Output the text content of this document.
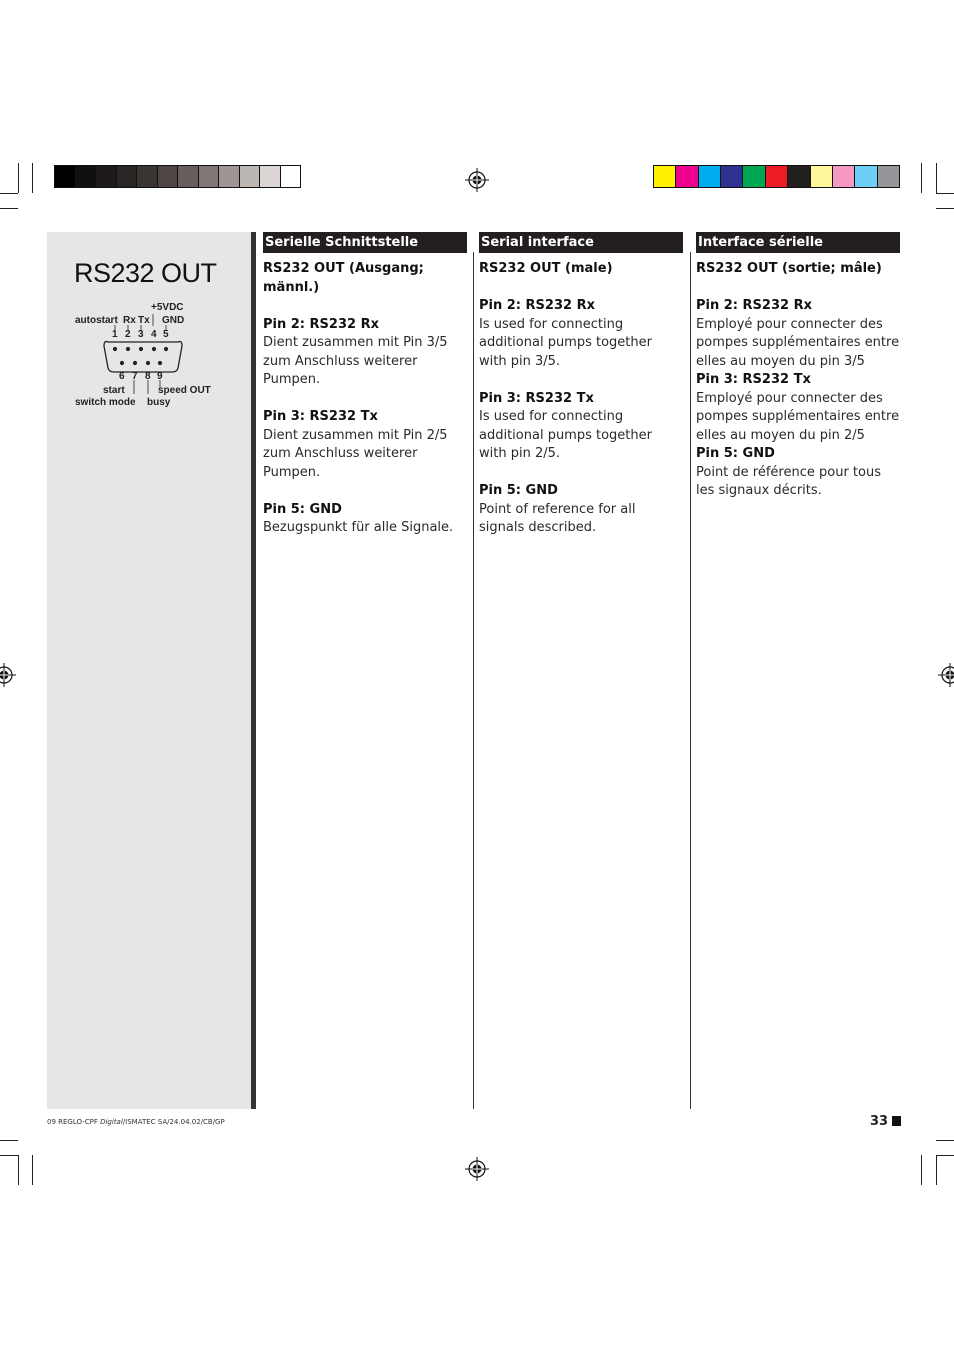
RS232 OUT
+5VDC
autostart Rx Tx GND
1 2 3 4 5
6 7 8 9
start	speed OUT
switch mode busy
Serielle Schnittstelle

RS232 OUT (Ausgang; männl.)

Pin 2: RS232 Rx

Dient zusammen mit Pin 3/5 zum Anschluss weiterer Pumpen.

Pin 3: RS232 Tx

Dient zusammen mit Pin 2/5 zum Anschluss weiterer Pumpen.

Pin 5: GND

Bezugspunkt für alle Signale.

Serial interface

RS232 OUT (male)

Pin 2: RS232 Rx

Is used for connecting additional pumps together with pin 3/5.

Pin 3: RS232 Tx

Is used for connecting additional pumps together with pin 2/5.

Pin 5: GND

Point of reference for all signals described.

Interface sérielle

RS232 OUT (sortie; mâle)

Pin 2: RS232 Rx

Employé pour connecter des pompes supplémentaires entre elles au moyen du pin 3/5

Pin 3: RS232 Tx

Employé pour connecter des pompes supplémentaires entre elles au moyen du pin 2/5

Pin 5: GND

Point de référence pour tous les signaux décrits.

09 REGLO-CPF Digital/ISMATEC SA/24.04.02/CB/GP	33
